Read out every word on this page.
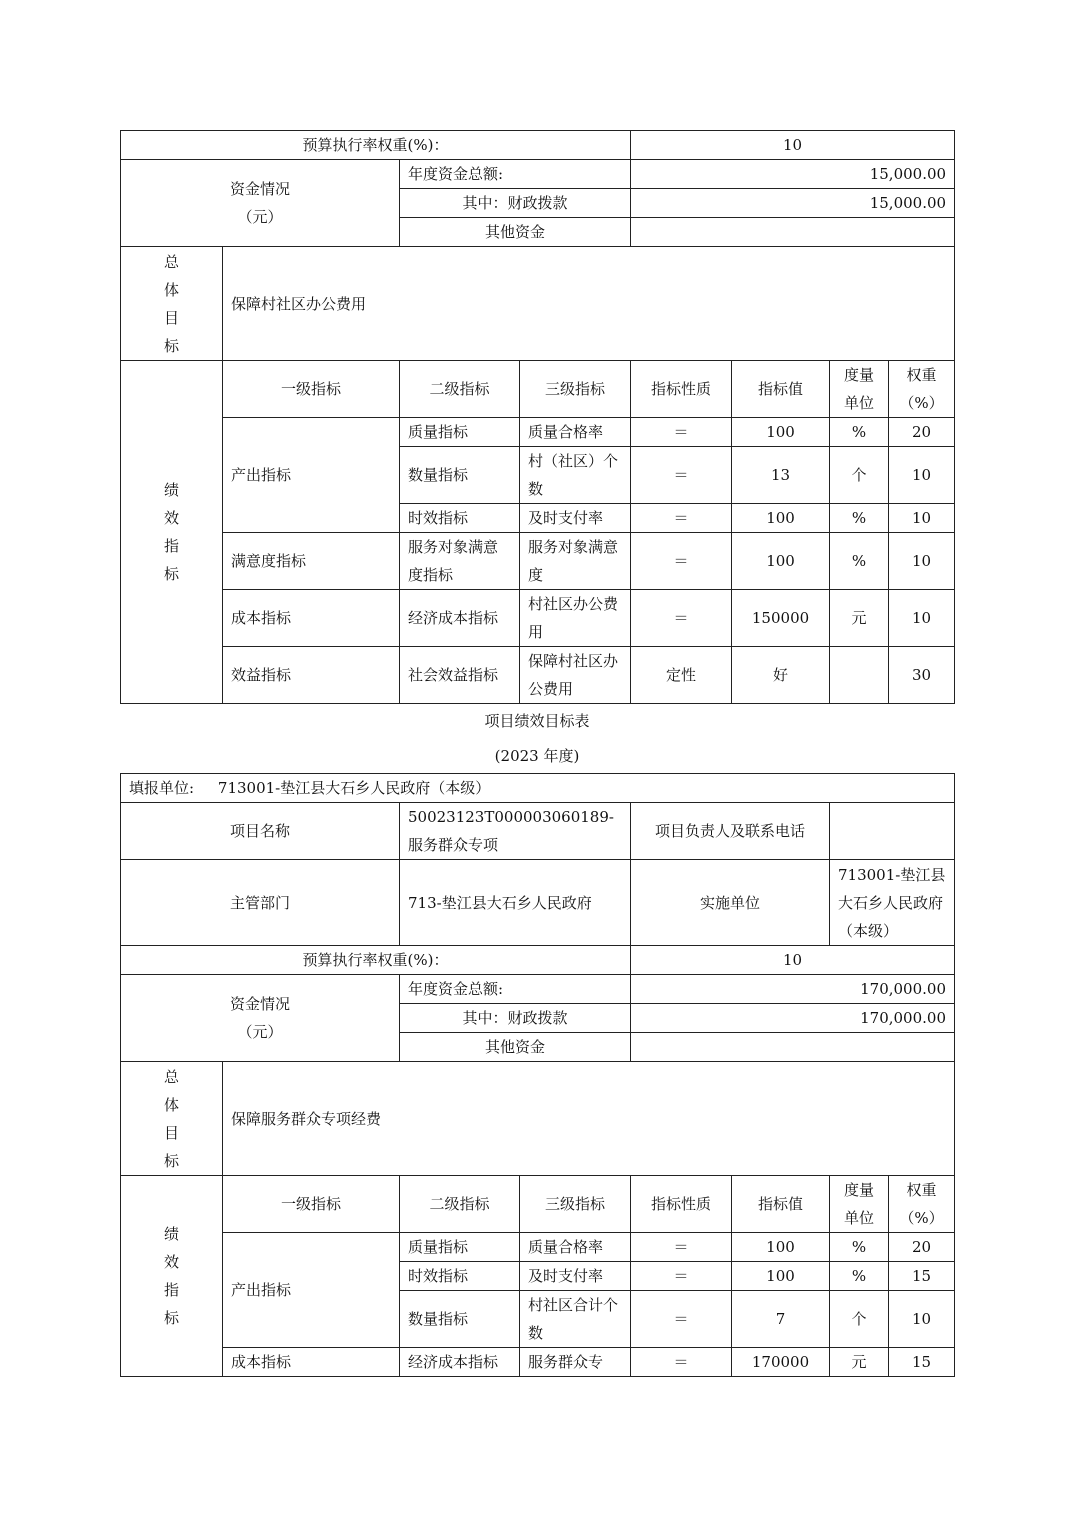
预算执行率权重(%)：				10			
资金情况
（元）		年度资金总额:		15,000.00			
		其中：财政拨款		15,000.00			
		其他资金					

总
体
目
标	保障村社区办公费用						

绩
效
指
标	一级指标	二级指标	三级指标	指标性质	指标值	度量单位	权重（%）
	产出指标	质量指标	质量合格率	＝	100	%	20
		数量指标	村（社区）个数	＝	13	个	10
		时效指标	及时支付率	＝	100	%	10
	满意度指标	服务对象满意度指标	服务对象满意度	＝	100	%	10
	成本指标	经济成本指标	村社区办公费用	＝	150000	元	10
	效益指标	社会效益指标	保障村社区办公费用	定性	好		30
项目绩效目标表
(2023 年度)
填报单位: 713001-垫江县大石乡人民政府（本级）							
项目名称		50023123T000003060189-服务群众专项		项目负责人及联系电话			
主管部门		713-垫江县大石乡人民政府		实施单位		713001-垫江县大石乡人民政府（本级）	
预算执行率权重(%)：				10			
资金情况
（元）		年度资金总额:		170,000.00			
		其中：财政拨款		170,000.00			
		其他资金					

总
体
目
标	保障服务群众专项经费						

绩
效
指
标	一级指标	二级指标	三级指标	指标性质	指标值	度量单位	权重（%）
	产出指标	质量指标	质量合格率	＝	100	%	20
		时效指标	及时支付率	＝	100	%	15
		数量指标	村社区合计个数	＝	7	个	10
	成本指标	经济成本指标	服务群众专	＝	170000	元	15
